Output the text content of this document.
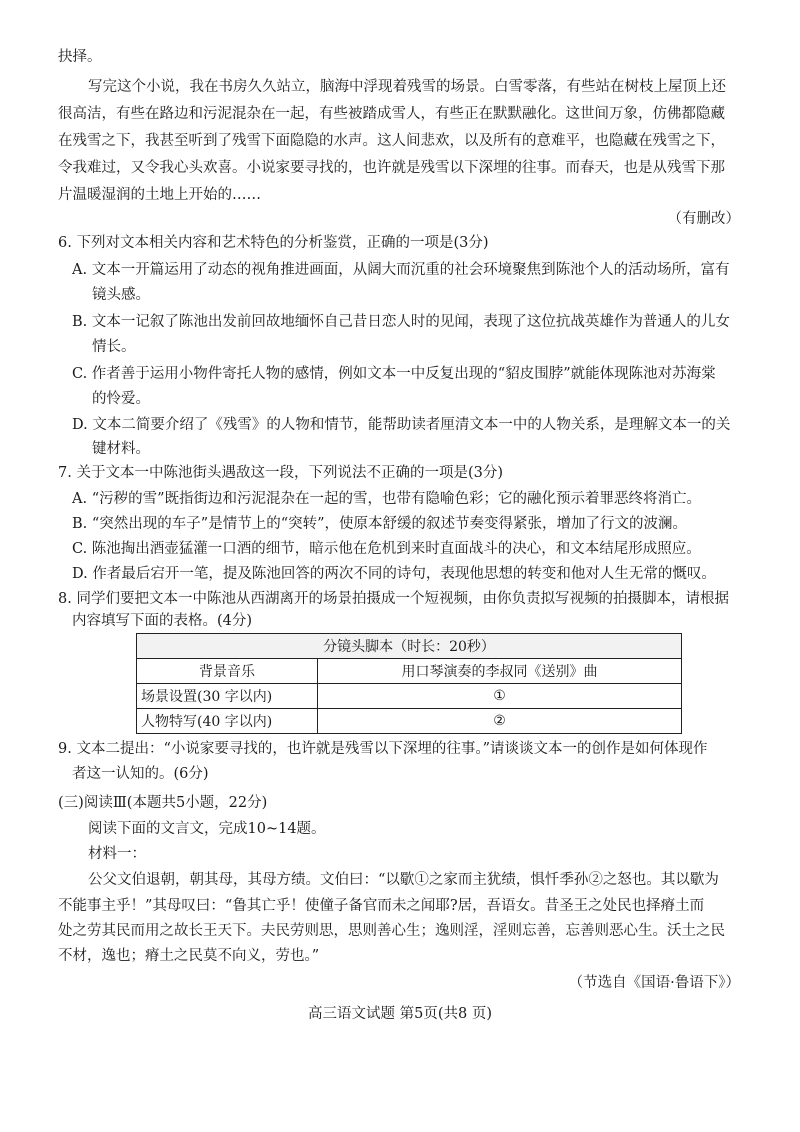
抉择。
写完这个小说，我在书房久久站立，脑海中浮现着残雪的场景。白雪零落，有些站在树枝上屋顶上还
很高洁，有些在路边和污泥混杂在一起，有些被踏成雪人，有些正在默默融化。这世间万象，仿佛都隐藏
在残雪之下，我甚至听到了残雪下面隐隐的水声。这人间悲欢，以及所有的意难平，也隐藏在残雪之下，
令我难过，又令我心头欢喜。小说家要寻找的，也许就是残雪以下深埋的往事。而春天，也是从残雪下那
片温暖湿润的土地上开始的……
（有删改）
6. 下列对文本相关内容和艺术特色的分析鉴赏，正确的一项是(3分)
A. 文本一开篇运用了动态的视角推进画面，从阔大而沉重的社会环境聚焦到陈池个人的活动场所，富有
镜头感。
B. 文本一记叙了陈池出发前回故地缅怀自己昔日恋人时的见闻，表现了这位抗战英雄作为普通人的儿女
情长。
C. 作者善于运用小物件寄托人物的感情，例如文本一中反复出现的“貂皮围脖”就能体现陈池对苏海棠
的怜爱。
D. 文本二简要介绍了《残雪》的人物和情节，能帮助读者厘清文本一中的人物关系，是理解文本一的关
键材料。
7. 关于文本一中陈池街头遇敌这一段，下列说法不正确的一项是(3分)
A. “污秽的雪”既指街边和污泥混杂在一起的雪，也带有隐喻色彩；它的融化预示着罪恶终将消亡。
B. “突然出现的车子”是情节上的“突转”，使原本舒缓的叙述节奏变得紧张，增加了行文的波澜。
C. 陈池掏出酒壶猛灌一口酒的细节，暗示他在危机到来时直面战斗的决心，和文本结尾形成照应。
D. 作者最后宕开一笔，提及陈池回答的两次不同的诗句，表现他思想的转变和他对人生无常的慨叹。
8. 同学们要把文本一中陈池从西湖离开的场景拍摄成一个短视频，由你负责拟写视频的拍摄脚本，请根据
内容填写下面的表格。(4分)
分镜头脚本（时长：20秒）	
背景音乐	用口琴演奏的李叔同《送别》曲
场景设置(30 字以内)	①
人物特写(40 字以内)	②
9. 文本二提出：“小说家要寻找的，也许就是残雪以下深埋的往事。”请谈谈文本一的创作是如何体现作
者这一认知的。(6分)
(三)阅读Ⅲ(本题共5小题，22分)
阅读下面的文言文，完成10~14题。
材料一：
公父文伯退朝，朝其母，其母方绩。文伯曰：“以歜①之家而主犹绩，惧忏季孙②之怒也。其以歜为
不能事主乎！”其母叹曰：“鲁其亡乎！使僮子备官而未之闻耶?居，吾语女。昔圣王之处民也择瘠土而
处之劳其民而用之故长王天下。夫民劳则思，思则善心生；逸则淫，淫则忘善，忘善则恶心生。沃土之民
不材，逸也；瘠土之民莫不向义，劳也。”
（节选自《国语·鲁语下》）
高三语文试题 第5页(共8 页)
